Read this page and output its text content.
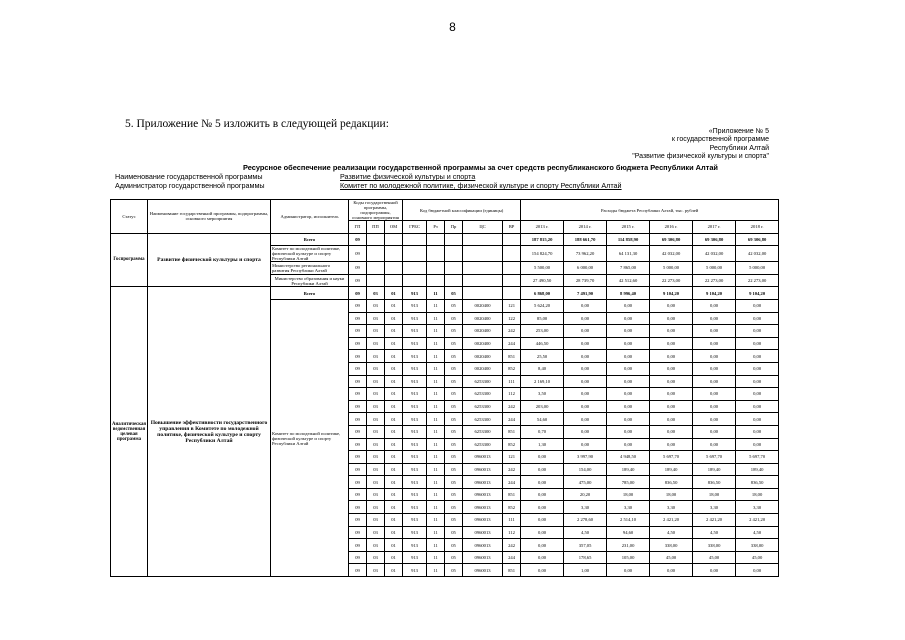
8
5. Приложение № 5 изложить в следующей редакции:
«Приложение № 5
к государственной программе
Республики Алтай
"Развитие физической культуры и спорта"
Ресурсное обеспечение реализации государственной программы за счет средств республиканского бюджета Республики Алтай
Наименование государственной программы	Развитие физической культуры и спорта
Администратор государственной программы	Комитет по молодежной политике, физической культуре и спорту Республики Алтай
Статус	Наименование государственной программы, подпрограммы, основного мероприятия	Администратор, исполнитель	Коды государственной программы, подпрограммы, основного мероприятия			Код бюджетной классификации (единицы)					Расходы бюджета Республики Алтай, тыс. рублей					
			ГП	ПП	ОМ	ГРБС	Рз	Пр	ЦС	ВР	2013 г.	2014 г.	2015 г.	2016 г.	2017 г.	2018 г.
Госпрограмма	Развитие физической культуры и спорта	Всего	09								187 815,20	188 661,70	114 858,90	69 306,80	69 306,80	69 306,80
		Комитет по молодежной политике, физической культуре и спорту Республики Алтай	09								154 824,70	73 962,20	64 131,30	42 032,00	42 032,00	42 032,00
		Министерство регионального развития Республики Алтай	09								5 500,00	6 000,00	7 865,00	5 000,00	5 000,00	5 000,00
		Министерство образования и науки Республики Алтай	09								27 490,50	28 739,70	42 512,60	22 273,00	22 273,00	22 273,00
Аналитическая ведомственная целевая программа	Повышение эффективности государственного управления в Комитете по молодежной политике, физической культуре и спорту Республики Алтай	Всего	09	03	01	913	11	05			6 868,00	7 491,90	8 996,40	9 104,20	9 104,20	9 104,20
		Комитет по молодежной политике, физической культуре и спорту Республики Алтай	09	03	01	913	11	05	0020400	121	5 624,20	0,00	0,00	0,00	0,00	0,00
			09	03	01	913	11	05	0020400	122	85,00	0,00	0,00	0,00	0,00	0,00
			09	03	01	913	11	05	0020400	242	253,00	0,00	0,00	0,00	0,00	0,00
			09	03	01	913	11	05	0020400	244	446,50	0,00	0,00	0,00	0,00	0,00
			09	03	01	913	11	05	0020400	851	25,50	0,00	0,00	0,00	0,00	0,00
			09	03	01	913	11	05	0020400	852	8,40	0,00	0,00	0,00	0,00	0,00
			09	03	01	913	11	05	6253300	111	2 169,10	0,00	0,00	0,00	0,00	0,00
			09	03	01	913	11	05	6253300	112	3,50	0,00	0,00	0,00	0,00	0,00
			09	03	01	913	11	05	6253300	242	203,00	0,00	0,00	0,00	0,00	0,00
			09	03	01	913	11	05	6253300	244	54,60	0,00	0,00	0,00	0,00	0,00
			09	03	01	913	11	05	6253300	851	0,70	0,00	0,00	0,00	0,00	0,00
			09	03	01	913	11	05	6253300	852	1,30	0,00	0,00	0,00	0,00	0,00
			09	03	01	913	11	05	0960013	121	0,00	3 997,90	4 948,50	5 697,70	5 697,70	5 697,70
			09	03	01	913	11	05	0960013	242	0,00	154,00	189,40	189,40	189,40	189,40
			09	03	01	913	11	05	0960013	244	0,00	475,00	785,00	836,50	836,50	836,50
			09	03	01	913	11	05	0960013	851	0,00	20,20	18,00	18,00	18,00	18,00
			09	03	01	913	11	05	0960013	852	0,00	3,30	3,30	3,30	3,30	3,30
			09	03	01	913	11	05	0960013	111	0,00	2 278,60	2 514,10	2 421,20	2 421,20	2 421,20
			09	03	01	913	11	05	0960013	112	0,00	4,50	94,60	4,50	4,50	4,50
			09	03	01	913	11	05	0960013	242	0,00	357,05	231,00	338,00	338,00	338,00
			09	03	01	913	11	05	0960013	244	0,00	178,65	105,00	45,00	45,00	45,00
			09	03	01	913	11	05	0960013	851	0,00	1,00	0,00	0,00	0,00	0,00
